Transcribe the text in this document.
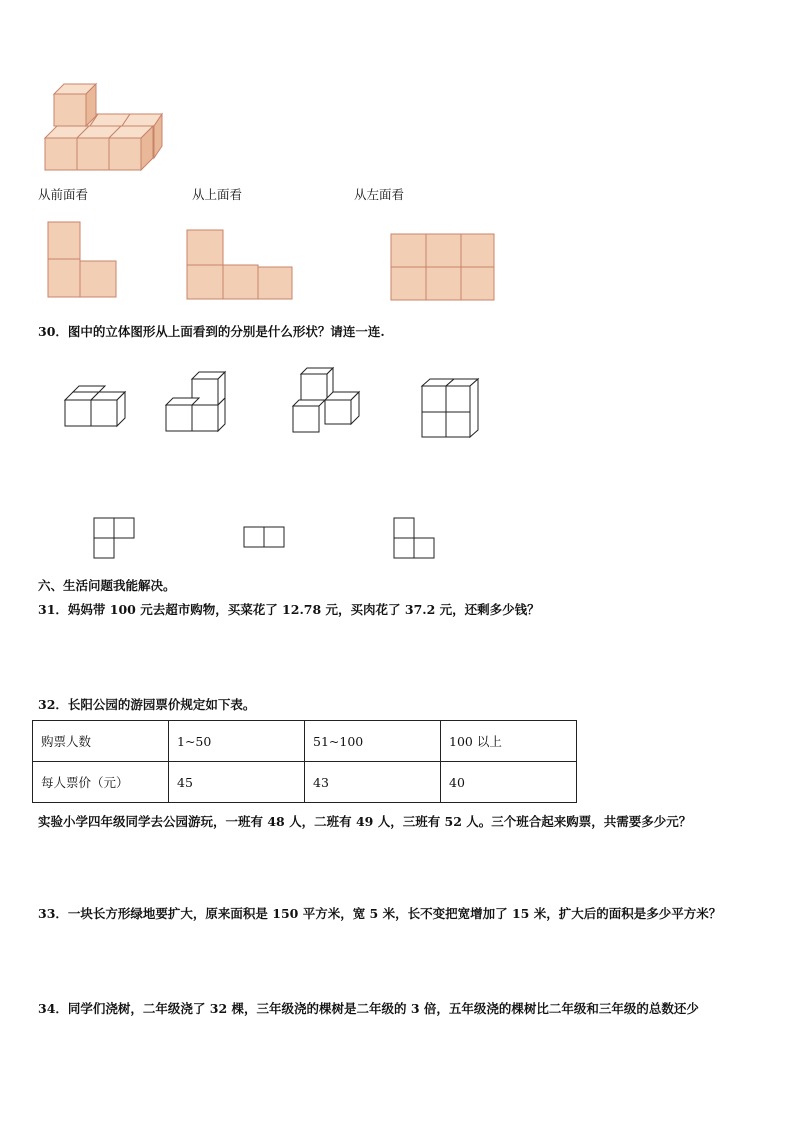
从前面看	从上面看	从左面看
30．图中的立体图形从上面看到的分别是什么形状？请连一连.
六、生活问题我能解决。
31．妈妈带 100 元去超市购物，买菜花了 12.78 元，买肉花了 37.2 元，还剩多少钱？
32．长阳公园的游园票价规定如下表。
购票人数	1~50	51~100	100 以上
每人票价（元）	45	43	40
实验小学四年级同学去公园游玩，一班有 48 人，二班有 49 人，三班有 52 人。三个班合起来购票，共需要多少元？
33．一块长方形绿地要扩大，原来面积是 150 平方米，宽 5 米，长不变把宽增加了 15 米，扩大后的面积是多少平方米？
34．同学们浇树，二年级浇了 32 棵，三年级浇的棵树是二年级的 3 倍，五年级浇的棵树比二年级和三年级的总数还少
